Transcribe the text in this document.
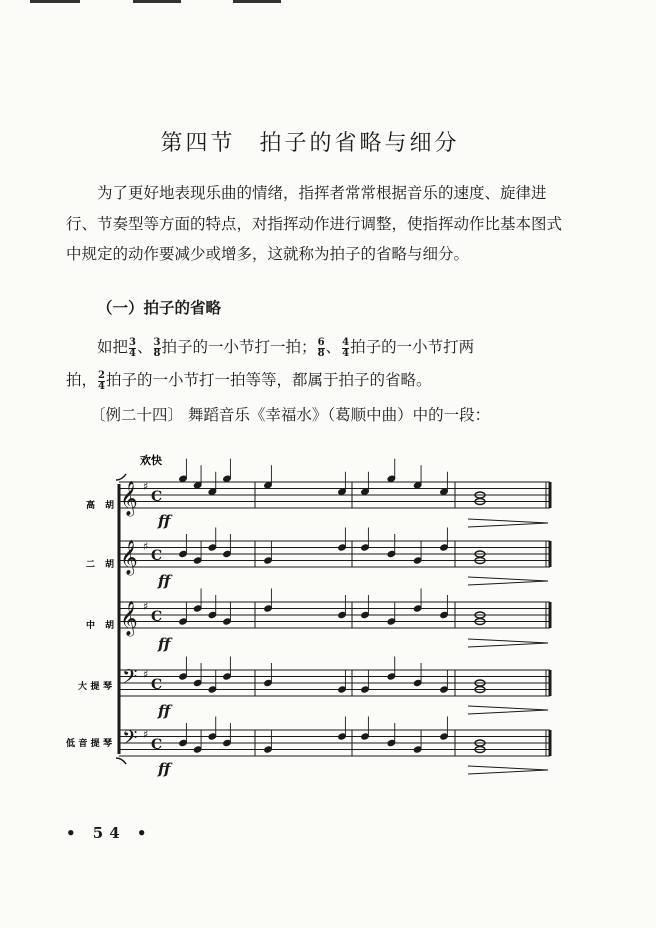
第四节 拍子的省略与细分

为了更好地表现乐曲的情绪，指挥者常常根据音乐的速度、旋律进行、节奏型等方面的特点，对指挥动作进行调整，使指挥动作比基本图式中规定的动作要减少或增多，这就称为拍子的省略与细分。

（一）拍子的省略
如把 $\frac{3}{4}$ 、 $\frac{3}{8}$ 拍子的一小节打一拍； $\frac{6}{8}$ 、 $\frac{4}{4}$ 拍子的一小节打两
拍， $\frac{2}{4}$ 拍子的一小节打一拍等等，都属于拍子的省略。
〔例二十四〕 舞蹈音乐《幸福水》（葛顺中曲）中的一段：
欢快
高　胡
二　胡
中　胡
大提琴
低音提琴
𝄞
𝄞
𝄞
𝄢
𝄢
♯
♯
♯
♯
♯
C
C
C
C
C
ff
ff
ff
ff
ff
• 54 •
